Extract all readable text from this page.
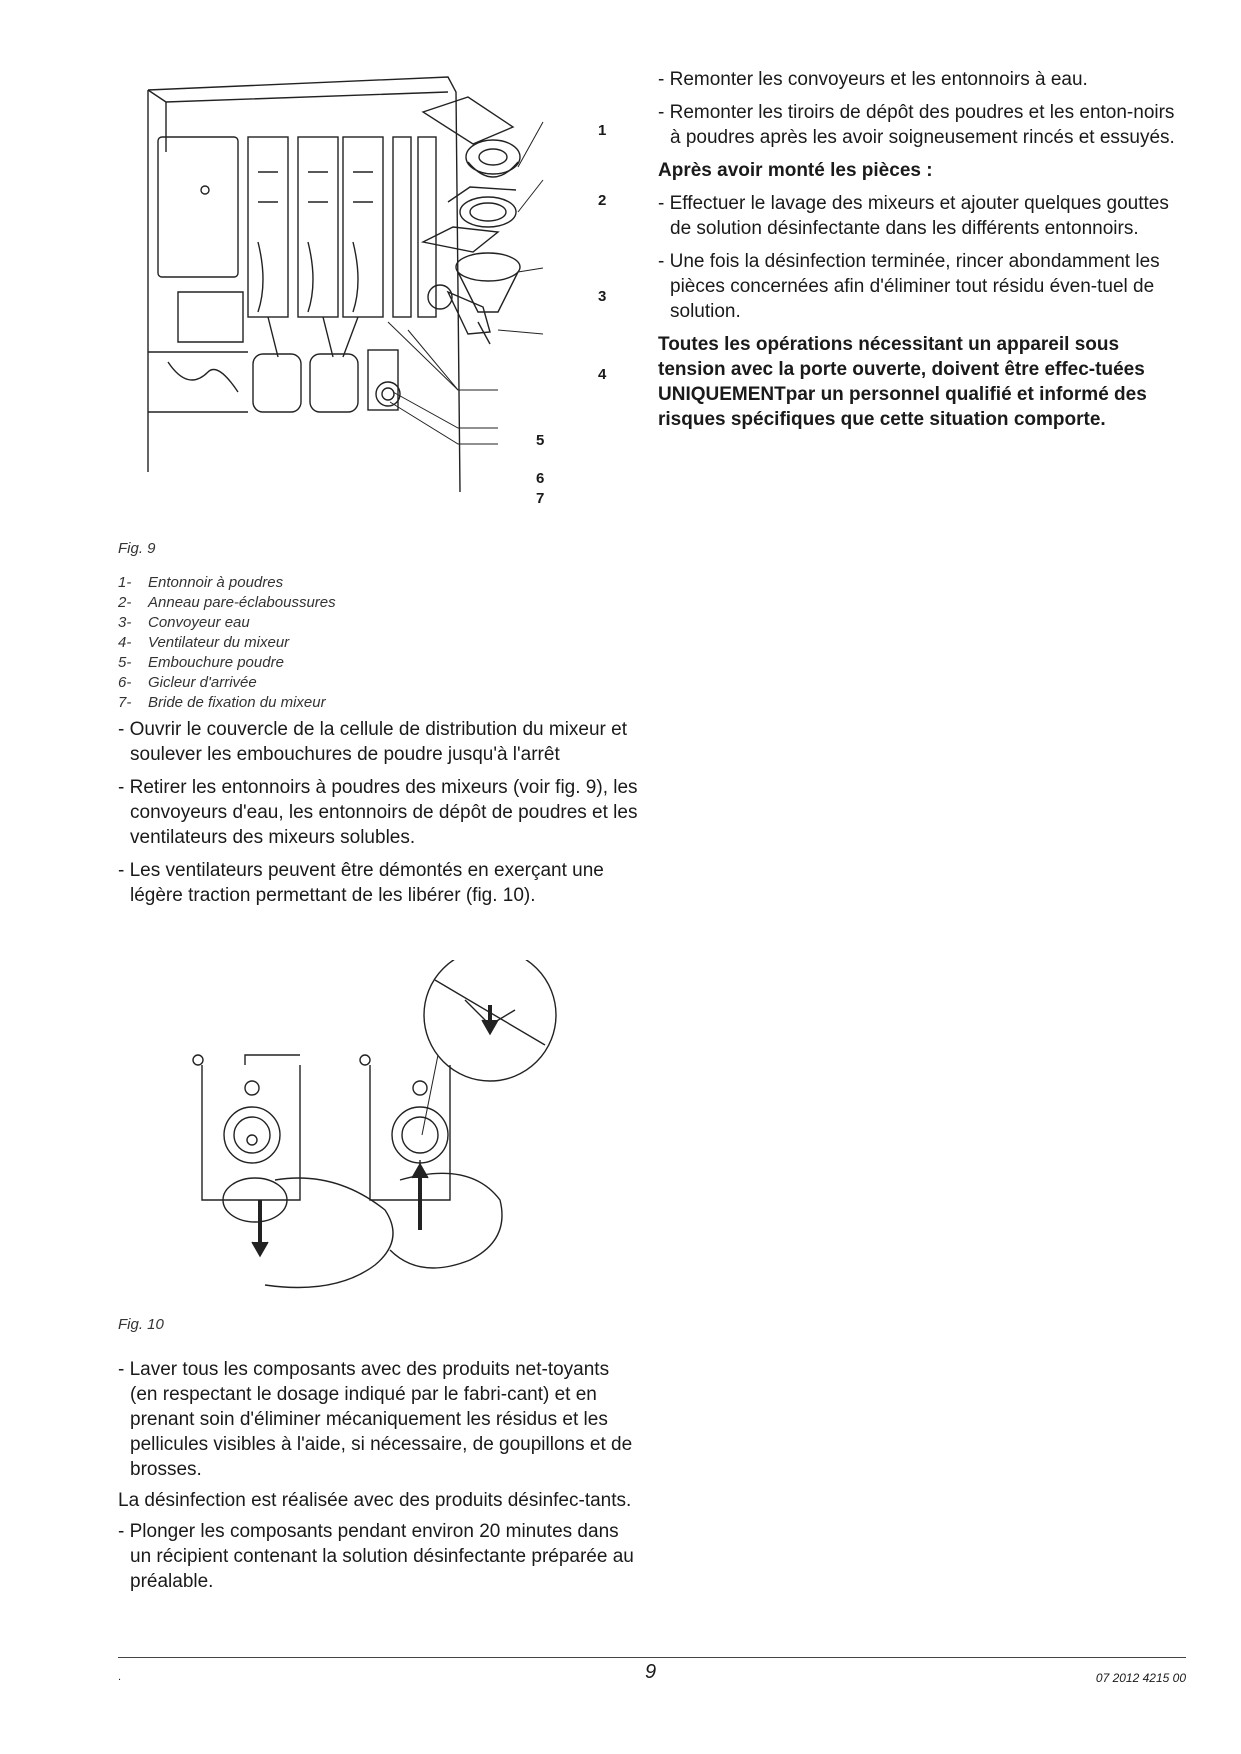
1
2
3
4
5
6
7
Fig. 9
1-	Entonnoir à poudres
2-	Anneau pare-éclaboussures
3-	Convoyeur eau
4-	Ventilateur du mixeur
5-	Embouchure poudre
6-	Gicleur d'arrivée
7-	Bride de fixation du mixeur
- Ouvrir le couvercle de la cellule de distribution du mixeur et soulever les embouchures de poudre jusqu'à l'arrêt
- Retirer les entonnoirs à poudres des mixeurs (voir fig. 9), les convoyeurs d'eau, les entonnoirs de dépôt de poudres et les ventilateurs des mixeurs solubles.
- Les ventilateurs peuvent être démontés en exerçant une légère traction permettant de les libérer (fig. 10).
Fig. 10
- Laver tous les composants avec des produits net-toyants (en respectant le dosage indiqué par le fabri-cant) et en prenant soin d'éliminer mécaniquement les résidus et les pellicules visibles à l'aide, si nécessaire, de goupillons et de brosses.
La désinfection est réalisée avec des produits désinfec-tants.
- Plonger les composants pendant environ 20 minutes dans un récipient contenant la solution désinfectante préparée au préalable.
- Remonter les convoyeurs et les entonnoirs à eau.
- Remonter les tiroirs de dépôt des poudres et les enton-noirs à poudres après les avoir soigneusement rincés et essuyés.
Après avoir monté les pièces :
- Effectuer le lavage des mixeurs et ajouter quelques gouttes de solution désinfectante dans les différents entonnoirs.
- Une fois la désinfection terminée, rincer abondamment les pièces concernées afin d'éliminer tout résidu éven-tuel de solution.
Toutes les opérations nécessitant un appareil sous tension avec la porte ouverte, doivent être effec-tuées UNIQUEMENTpar un personnel qualifié et informé des risques spécifiques que cette situation comporte.
.	9	07 2012 4215 00
